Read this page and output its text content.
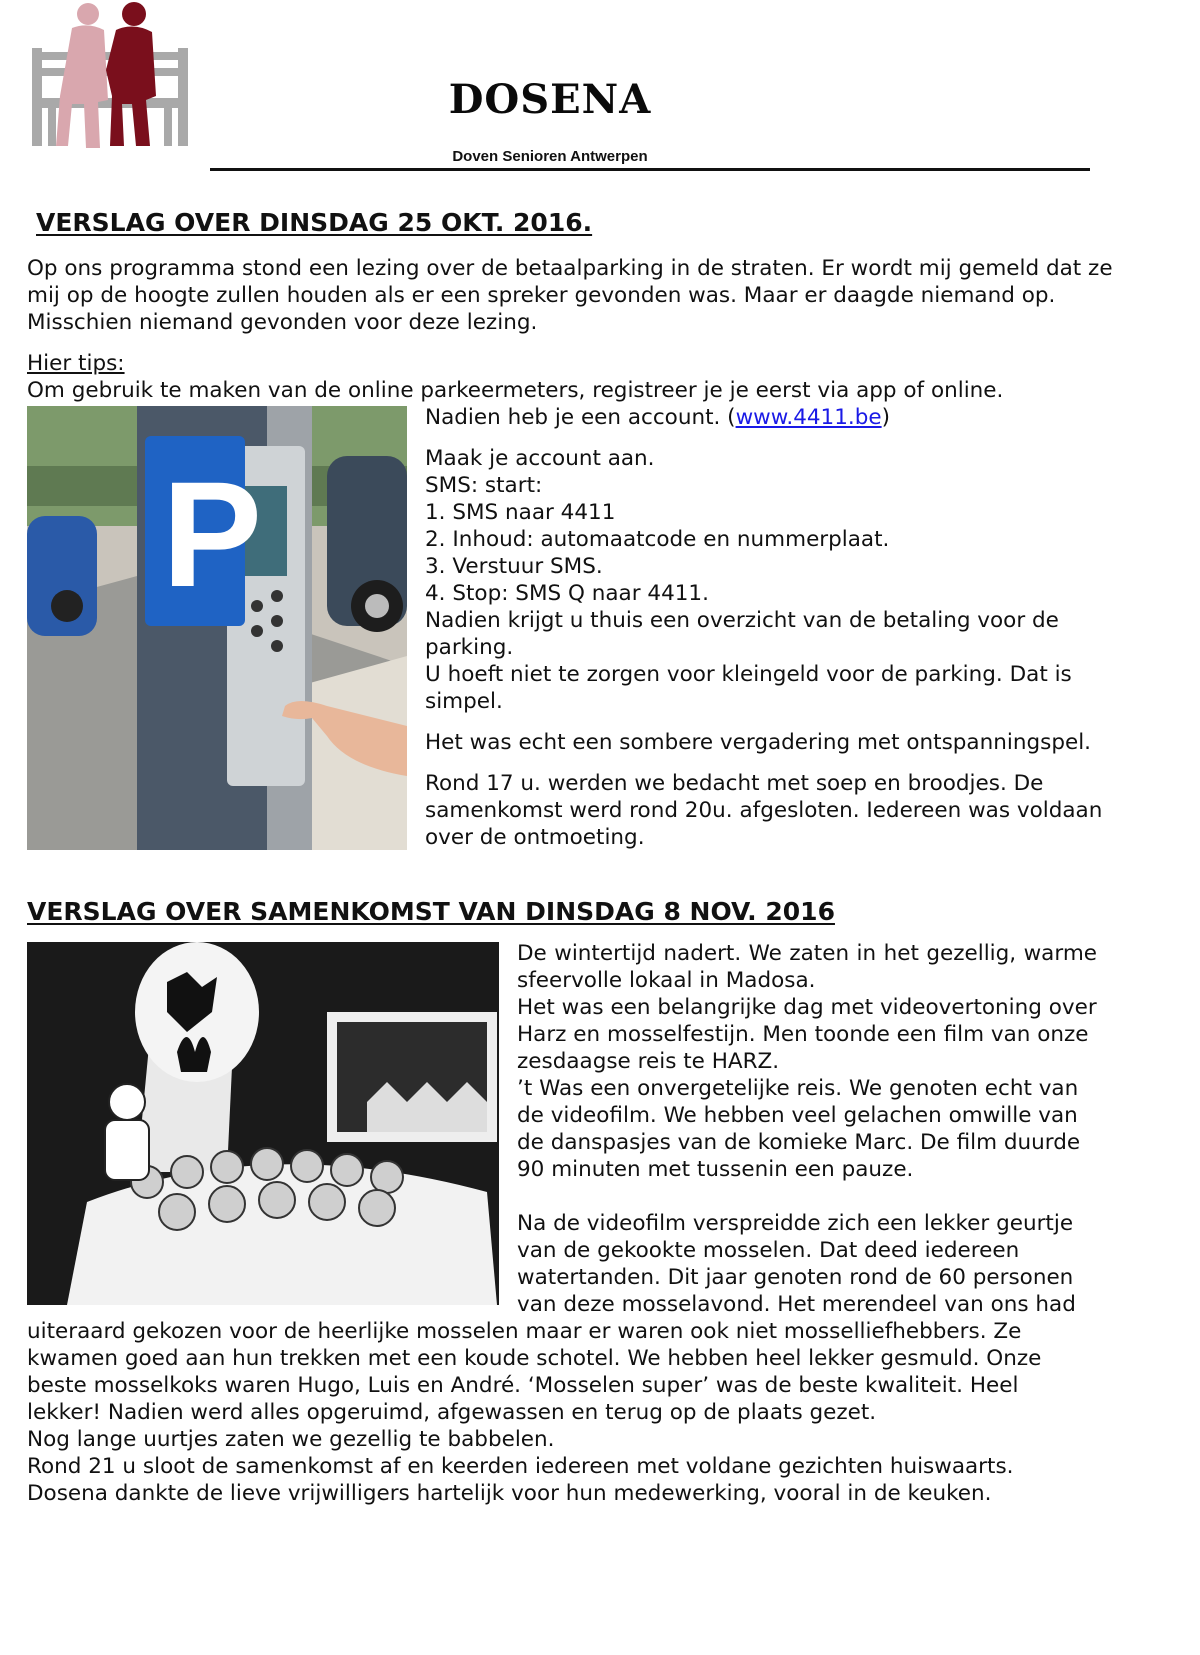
DOSENA
Doven Senioren Antwerpen
VERSLAG OVER DINSDAG 25 OKT. 2016.

Op ons programma stond een lezing over de betaalparking in de straten. Er wordt mij gemeld dat ze mij op de hoogte zullen houden als er een spreker gevonden was. Maar er daagde niemand op. Misschien niemand gevonden voor deze lezing.

Hier tips:

Om gebruik te maken van de online parkeermeters, registreer je je eerst via app of online.

P

Nadien heb je een account. (www.4411.be)

Maak je account aan.

SMS: start:

1. SMS naar 4411

2. Inhoud: automaatcode en nummerplaat.

3. Verstuur SMS.

4. Stop: SMS Q naar 4411.

Nadien krijgt u thuis een overzicht van de betaling voor de parking.

U hoeft niet te zorgen voor kleingeld voor de parking. Dat is simpel.

Het was echt een sombere vergadering met ontspanningspel.

Rond 17 u. werden we bedacht met soep en broodjes. De samenkomst werd rond 20u. afgesloten. Iedereen was voldaan over de ontmoeting.

VERSLAG OVER SAMENKOMST VAN DINSDAG 8 NOV. 2016

De wintertijd nadert. We zaten in het gezellig, warme sfeervolle lokaal in Madosa.

Het was een belangrijke dag met videovertoning over Harz en mosselfestijn. Men toonde een film van onze zesdaagse reis te HARZ.

’t Was een onvergetelijke reis. We genoten echt van de videofilm. We hebben veel gelachen omwille van de danspasjes van de komieke Marc. De film duurde 90 minuten met tussenin een pauze.

Na de videofilm verspreidde zich een lekker geurtje van de gekookte mosselen. Dat deed iedereen watertanden. Dit jaar genoten rond de 60 personen van deze mosselavond. Het merendeel van ons had uiteraard gekozen voor de heerlijke mosselen maar er waren ook niet mosselliefhebbers. Ze kwamen goed aan hun trekken met een koude schotel. We hebben heel lekker gesmuld. Onze beste mosselkoks waren Hugo, Luis en André. ‘Mosselen super’ was de beste kwaliteit. Heel lekker! Nadien werd alles opgeruimd, afgewassen en terug op de plaats gezet.

Nog lange uurtjes zaten we gezellig te babbelen.

Rond 21 u sloot de samenkomst af en keerden iedereen met voldane gezichten huiswaarts.

Dosena dankte de lieve vrijwilligers hartelijk voor hun medewerking, vooral in de keuken.
